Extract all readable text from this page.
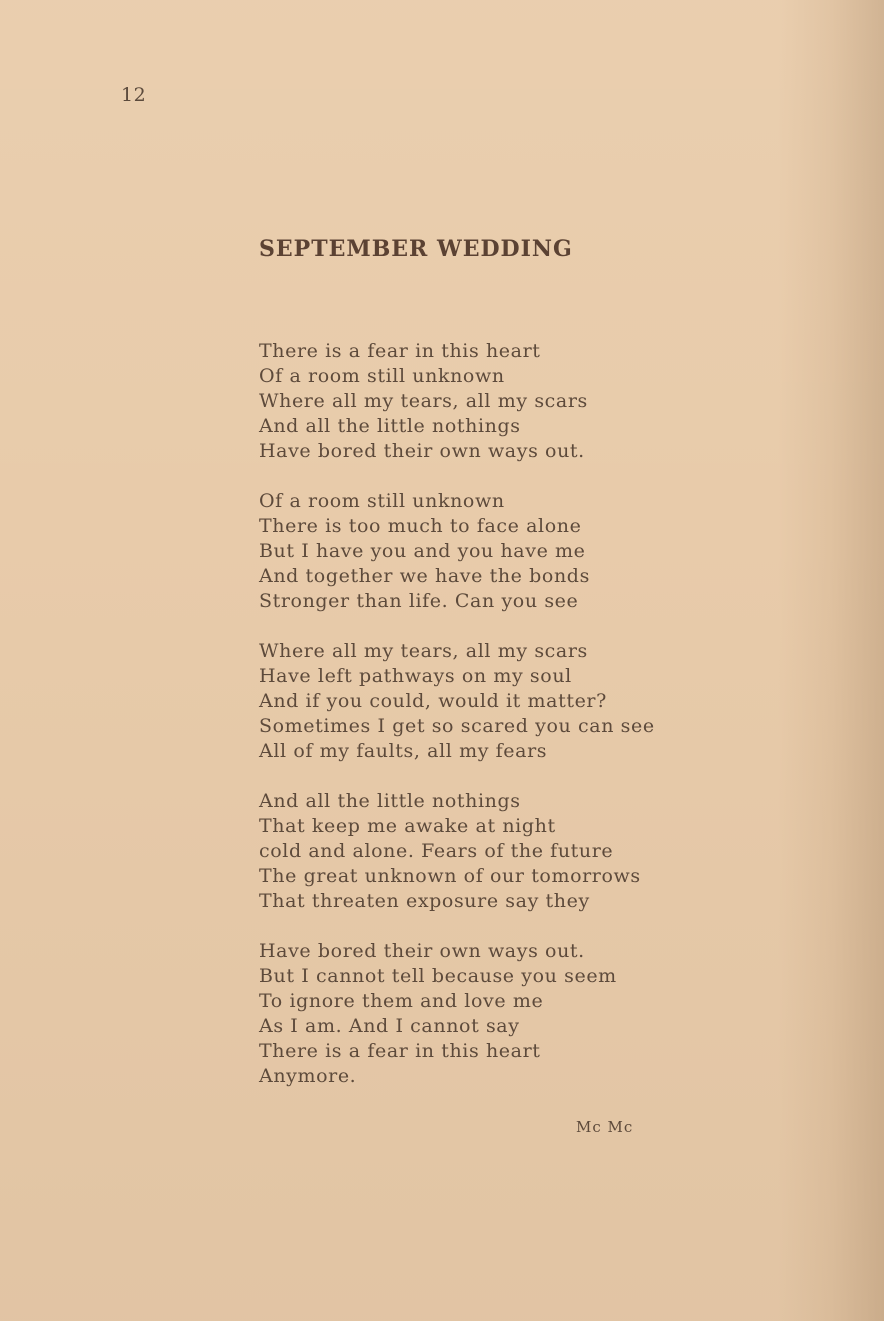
12
SEPTEMBER WEDDING
There is a fear in this heart
Of a room still unknown
Where all my tears, all my scars
And all the little nothings
Have bored their own ways out.
Of a room still unknown
There is too much to face alone
But I have you and you have me
And together we have the bonds
Stronger than life. Can you see
Where all my tears, all my scars
Have left pathways on my soul
And if you could, would it matter?
Sometimes I get so scared you can see
All of my faults, all my fears
And all the little nothings
That keep me awake at night
cold and alone. Fears of the future
The great unknown of our tomorrows
That threaten exposure say they
Have bored their own ways out.
But I cannot tell because you seem
To ignore them and love me
As I am. And I cannot say
There is a fear in this heart
Anymore.
Mc Mc
